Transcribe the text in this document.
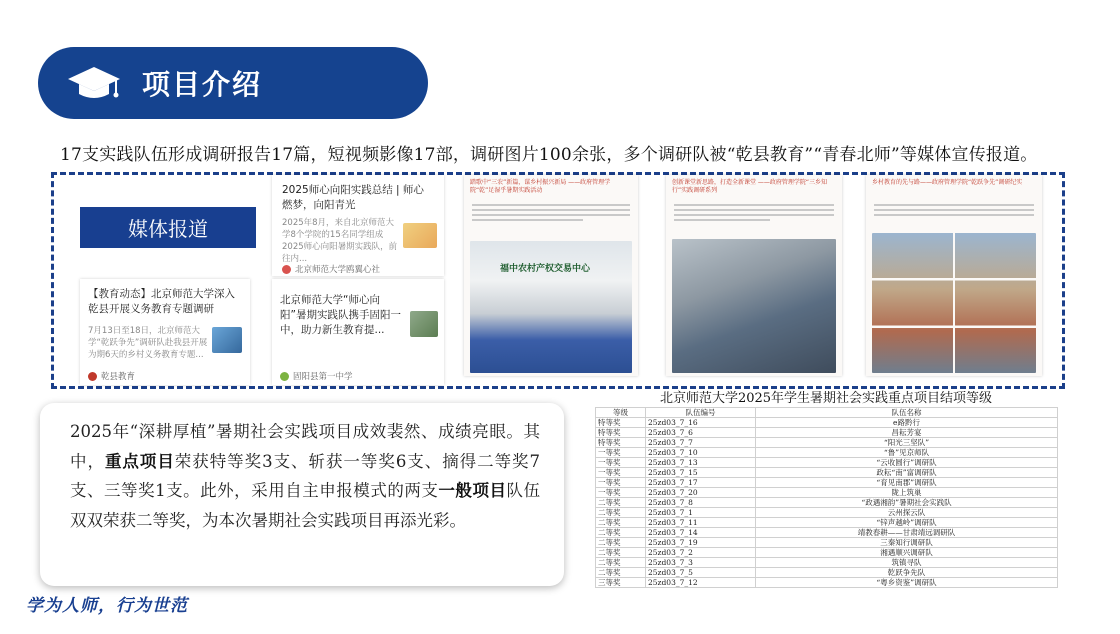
项目介绍
17支实践队伍形成调研报告17篇，短视频影像17部，调研图片100余张，多个调研队被“乾县教育”“青春北师”等媒体宣传报道。
媒体报道
2025师心向阳实践总结 | 师心燃梦，向阳青光
2025年8月，来自北京师范大学8个学院的15名同学组成2025师心向阳暑期实践队，前往内...
北京师范大学鸥翼心社
【教育动态】北京师范大学深入乾县开展义务教育专题调研
7月13日至18日，北京师范大学“乾跃争先”调研队赴我县开展为期6天的乡村义务教育专题...
乾县教育
北京师范大学“师心向阳”暑期实践队携手固阳一中，助力新生教育提...
固阳县第一中学
踏歌中“三农”新篇，谋乡村振兴新局 ——政府管理学院“乾”足湿乎暑期实践活动
福中农村产权交易中心
创新课堂新思路，打造全新课堂 ——政府管理学院“三乡知行”实践调研系列
乡村教育的先与路——政府管理学院“乾跃争先”调研纪实
2025年“深耕厚植”暑期社会实践项目成效裴然、成绩亮眼。其中，重点项目荣获特等奖3支、斩获一等奖6支、摘得二等奖7支、三等奖1支。此外，采用自主申报模式的两支一般项目队伍双双荣获二等奖，为本次暑期社会实践项目再添光彩。
学为人师，行为世范
北京师范大学2025年学生暑期社会实践重点项目结项等级
等级	队伍编号	队伍名称
特等奖	25zd03_7_16	e路黔行
特等奖	25zd03_7_6	昌耘芳宴
特等奖	25zd03_7_7	“阳光三坚队”
一等奖	25zd03_7_10	“鲁”见京师队
一等奖	25zd03_7_13	“云收圆行”调研队
一等奖	25zd03_7_15	政耘“南”富调研队
一等奖	25zd03_7_17	“育见南郡”调研队
一等奖	25zd03_7_20	陇上筑巢
二等奖	25zd03_7_8	“政遇湘韵”暑期社会实践队
二等奖	25zd03_7_1	云州探云队
二等奖	25zd03_7_11	“锌声越岭”调研队
二等奖	25zd03_7_14	靖教春耕——甘肃靖远调研队
二等奖	25zd03_7_19	三秦知行调研队
二等奖	25zd03_7_2	湘遇顺兴调研队
二等奖	25zd03_7_3	筑镇寻队
二等奖	25zd03_7_5	乾跃争先队
三等奖	25zd03_7_12	“粤乡资鉴”调研队
